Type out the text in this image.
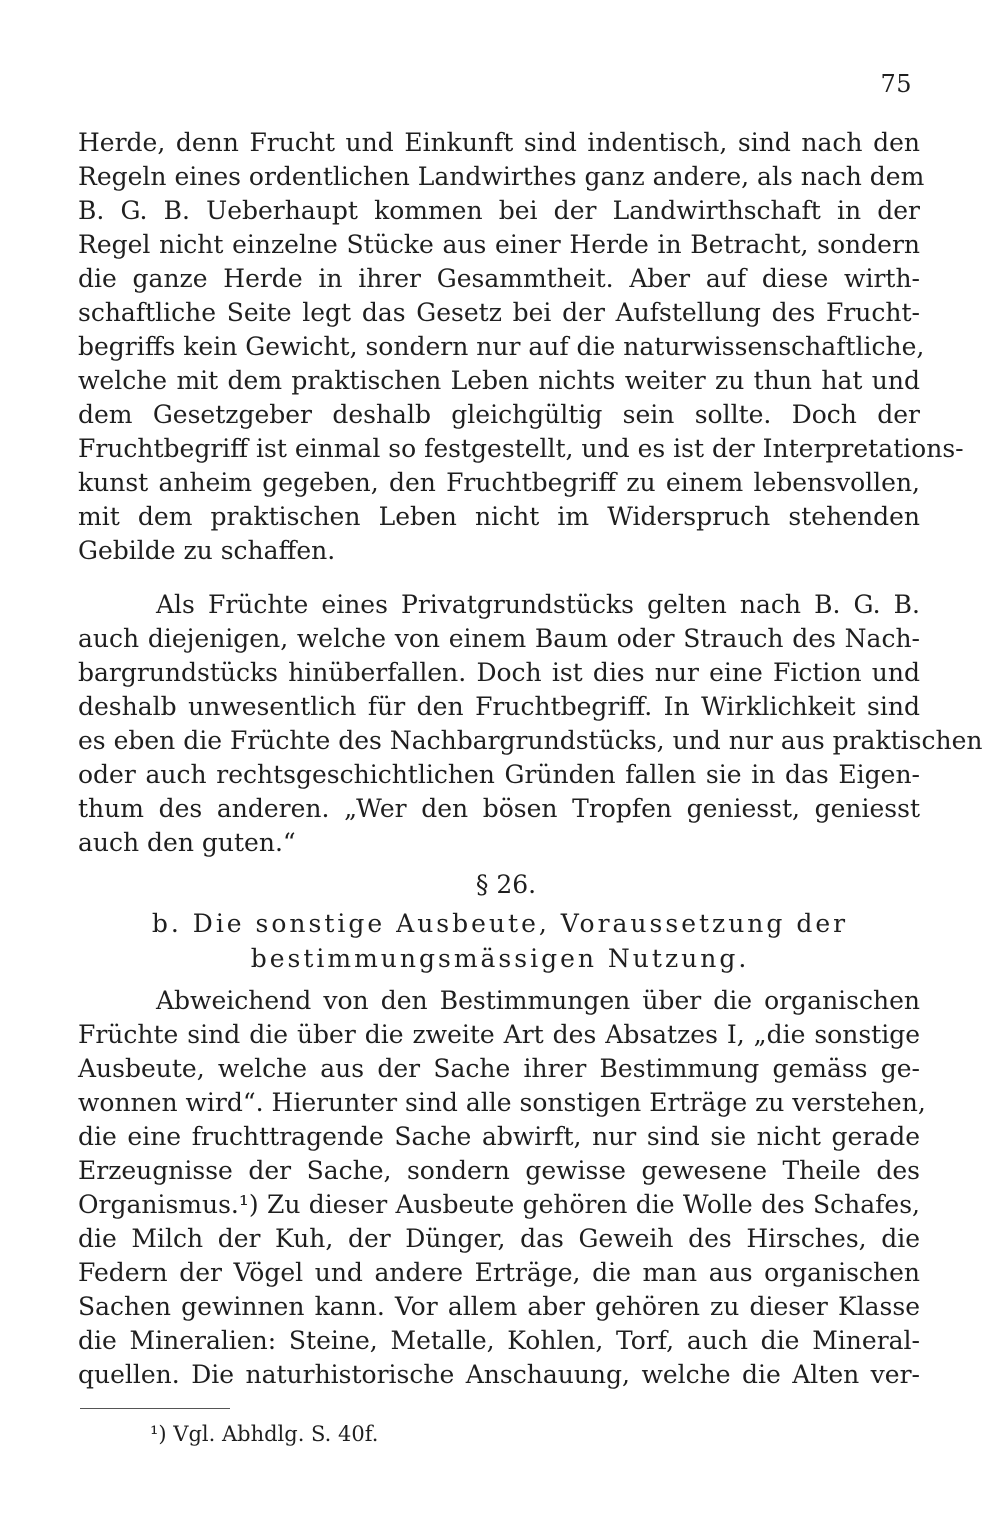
75
Herde, denn Frucht und Einkunft sind indentisch, sind nach den
Regeln eines ordentlichen Landwirthes ganz andere, als nach dem
B. G. B. Ueberhaupt kommen bei der Landwirthschaft in der
Regel nicht einzelne Stücke aus einer Herde in Betracht, sondern
die ganze Herde in ihrer Gesammtheit. Aber auf diese wirth-
schaftliche Seite legt das Gesetz bei der Aufstellung des Frucht-
begriffs kein Gewicht, sondern nur auf die naturwissenschaftliche,
welche mit dem praktischen Leben nichts weiter zu thun hat und
dem Gesetzgeber deshalb gleichgültig sein sollte. Doch der
Fruchtbegriff ist einmal so festgestellt, und es ist der Interpretations-
kunst anheim gegeben, den Fruchtbegriff zu einem lebensvollen,
mit dem praktischen Leben nicht im Widerspruch stehenden
Gebilde zu schaffen.
Als Früchte eines Privatgrundstücks gelten nach B. G. B.
auch diejenigen, welche von einem Baum oder Strauch des Nach-
bargrundstücks hinüberfallen. Doch ist dies nur eine Fiction und
deshalb unwesentlich für den Fruchtbegriff. In Wirklichkeit sind
es eben die Früchte des Nachbargrundstücks, und nur aus praktischen
oder auch rechtsgeschichtlichen Gründen fallen sie in das Eigen-
thum des anderen. „Wer den bösen Tropfen geniesst, geniesst
auch den guten.“
§ 26.
b. Die sonstige Ausbeute, Voraussetzung der
bestimmungsmässigen Nutzung.
Abweichend von den Bestimmungen über die organischen
Früchte sind die über die zweite Art des Absatzes I, „die sonstige
Ausbeute, welche aus der Sache ihrer Bestimmung gemäss ge-
wonnen wird“. Hierunter sind alle sonstigen Erträge zu verstehen,
die eine fruchttragende Sache abwirft, nur sind sie nicht gerade
Erzeugnisse der Sache, sondern gewisse gewesene Theile des
Organismus.¹) Zu dieser Ausbeute gehören die Wolle des Schafes,
die Milch der Kuh, der Dünger, das Geweih des Hirsches, die
Federn der Vögel und andere Erträge, die man aus organischen
Sachen gewinnen kann. Vor allem aber gehören zu dieser Klasse
die Mineralien: Steine, Metalle, Kohlen, Torf, auch die Mineral-
quellen. Die naturhistorische Anschauung, welche die Alten ver-
¹) Vgl. Abhdlg. S. 40f.
